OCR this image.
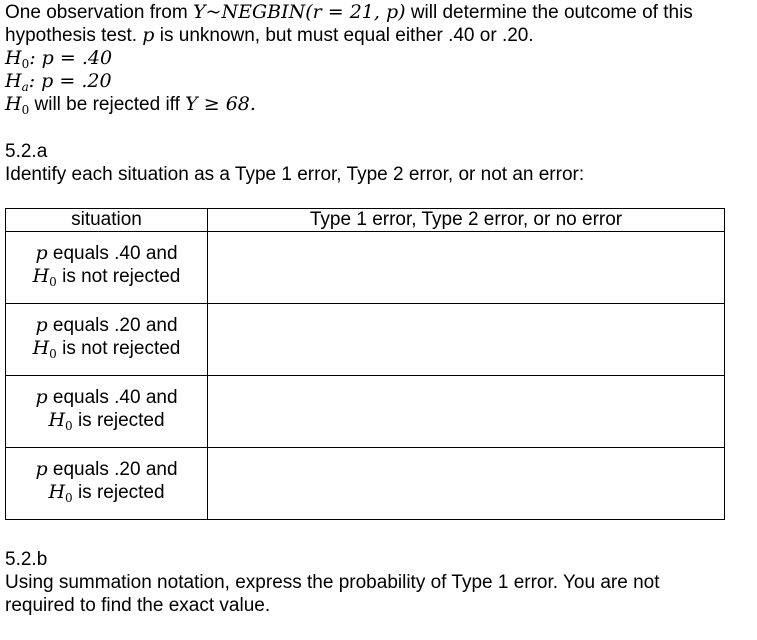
One observation from Y~NEGBIN(r = 21, p) will determine the outcome of this
hypothesis test. p is unknown, but must equal either .40 or .20.
$H_0$: p = .40
$H_a$: p = .20
$H_0$ will be rejected iff Y ≥ 68.
5.2.a
Identify each situation as a Type 1 error, Type 2 error, or not an error:
situation	Type 1 error, Type 2 error, or no error

p equals .40 and
$H_0$ is not rejected	

p equals .20 and
$H_0$ is not rejected	

p equals .40 and
$H_0$ is rejected	

p equals .20 and
$H_0$ is rejected	

5.2.b
Using summation notation, express the probability of Type 1 error. You are not
required to find the exact value.
